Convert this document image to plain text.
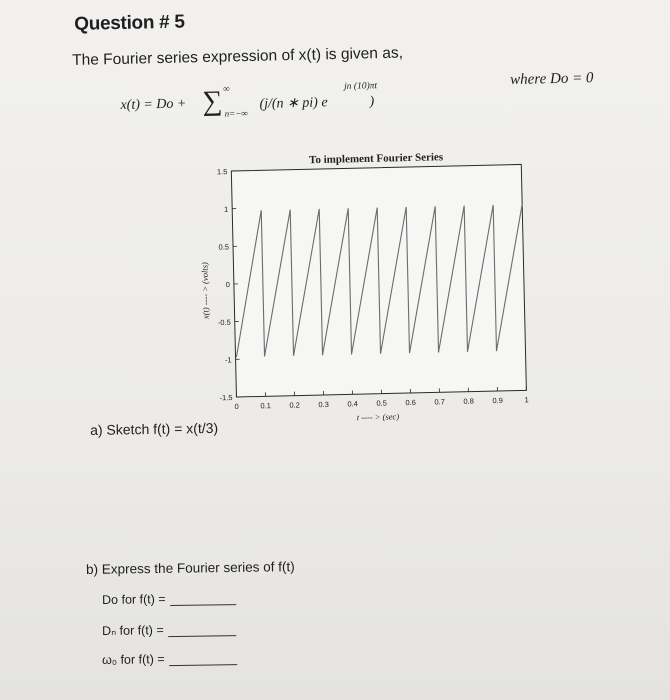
Question # 5
The Fourier series expression of x(t) is given as,
x(t) = Do + ∑ ∞
n=−∞
(j/(n ∗ pi) e	)
jn (10)πt	where Do = 0
To implement Fourier Series
0	0.1 0.2 0.3 0.4 0.5 0.6 0.7 0.8 0.9	1
-1.5
-1
-0.5
0
0.5
1
1.5
t ---- > (sec)
x(t) ---- > (volts)
a) Sketch f(t) = x(t/3)
b) Express the Fourier series of f(t)
Do for f(t) =
Dₙ for f(t) =
ω₀ for f(t) =
